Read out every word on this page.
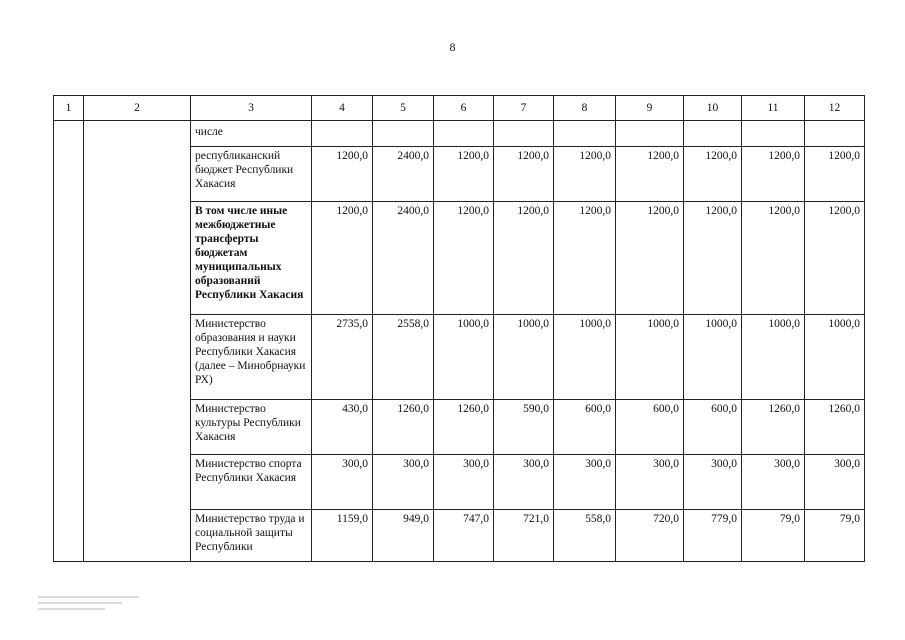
8
1	2	3	4	5	6	7	8	9	10	11	12
		числе									
		республиканский бюджет Республики Хакасия	1200,0	2400,0	1200,0	1200,0	1200,0	1200,0	1200,0	1200,0	1200,0
		В том числе иные межбюджетные трансферты бюджетам муниципальных образований Республики Хакасия	1200,0	2400,0	1200,0	1200,0	1200,0	1200,0	1200,0	1200,0	1200,0
		Министерство образования и науки Республики Хакасия (далее – Минобрнауки РХ)	2735,0	2558,0	1000,0	1000,0	1000,0	1000,0	1000,0	1000,0	1000,0
		Министерство культуры Республики Хакасия	430,0	1260,0	1260,0	590,0	600,0	600,0	600,0	1260,0	1260,0
		Министерство спорта Республики Хакасия	300,0	300,0	300,0	300,0	300,0	300,0	300,0	300,0	300,0
		Министерство труда и социальной защиты Республики	1159,0	949,0	747,0	721,0	558,0	720,0	779,0	79,0	79,0
